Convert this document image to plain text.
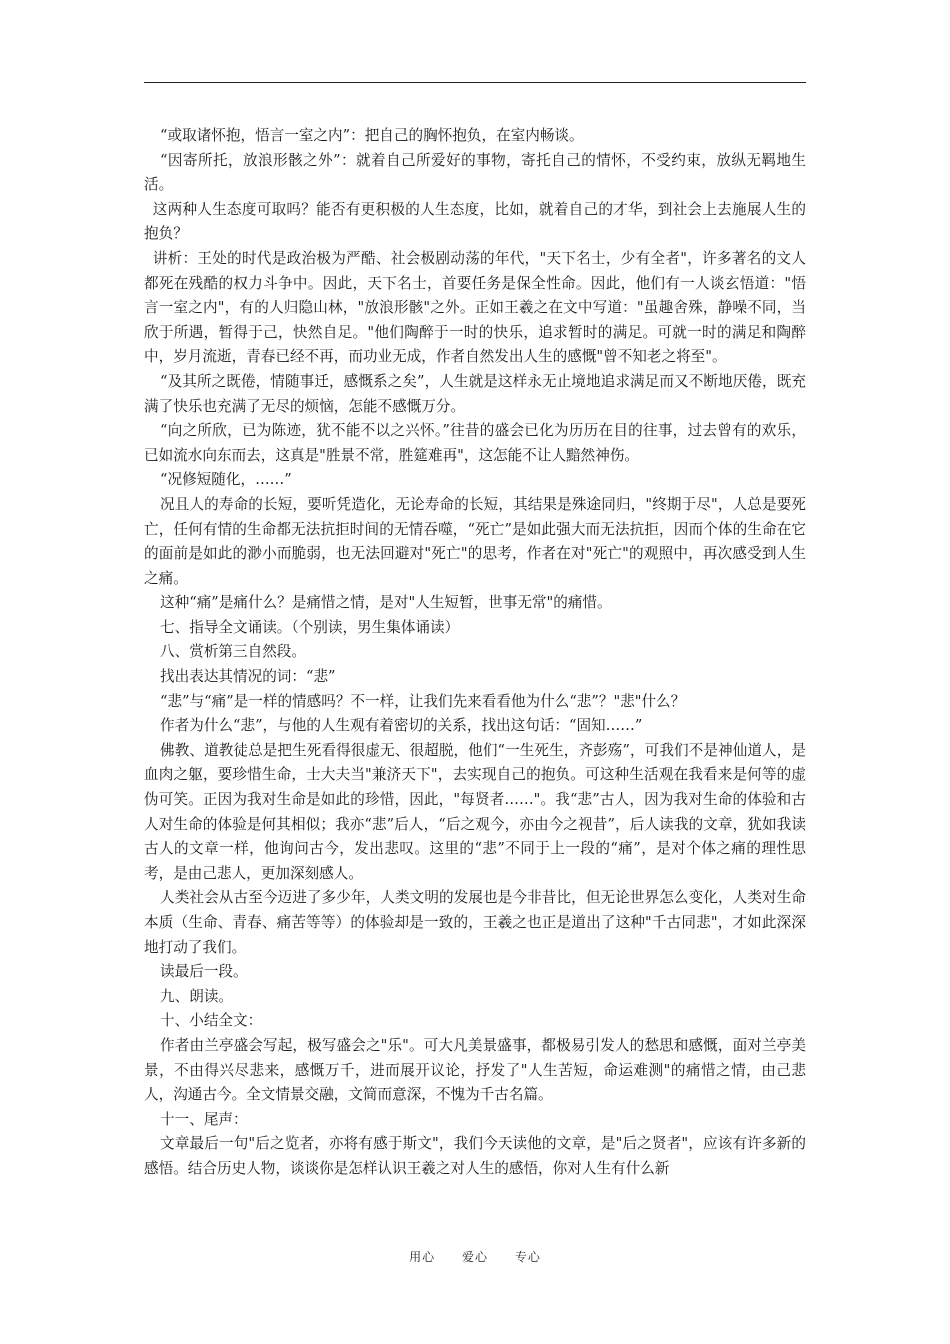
“或取诸怀抱，悟言一室之内”：把自己的胸怀抱负，在室内畅谈。

“因寄所托，放浪形骸之外”：就着自己所爱好的事物，寄托自己的情怀，不受约束，放纵无羁地生活。

这两种人生态度可取吗？能否有更积极的人生态度，比如，就着自己的才华，到社会上去施展人生的抱负？

讲析：王处的时代是政治极为严酷、社会极剧动荡的年代，"天下名士，少有全者"，许多著名的文人都死在残酷的权力斗争中。因此，天下名士，首要任务是保全性命。因此，他们有一人谈玄悟道："悟言一室之内"，有的人归隐山林，"放浪形骸"之外。正如王羲之在文中写道："虽趣舍殊，静噪不同，当欣于所遇，暂得于己，快然自足。"他们陶醉于一时的快乐，追求暂时的满足。可就一时的满足和陶醉中，岁月流逝，青春已经不再，而功业无成，作者自然发出人生的感慨"曾不知老之将至"。

“及其所之既倦，情随事迁，感慨系之矣”，人生就是这样永无止境地追求满足而又不断地厌倦，既充满了快乐也充满了无尽的烦恼，怎能不感慨万分。

“向之所欣，已为陈迹，犹不能不以之兴怀。”往昔的盛会已化为历历在目的往事，过去曾有的欢乐，已如流水向东而去，这真是"胜景不常，胜筵难再"，这怎能不让人黯然神伤。

“况修短随化，……”

况且人的寿命的长短，要听凭造化，无论寿命的长短，其结果是殊途同归，"终期于尽"，人总是要死亡，任何有情的生命都无法抗拒时间的无情吞噬，“死亡”是如此强大而无法抗拒，因而个体的生命在它的面前是如此的渺小而脆弱，也无法回避对"死亡"的思考，作者在对"死亡"的观照中，再次感受到人生之痛。

这种“痛”是痛什么？是痛惜之情，是对"人生短暂，世事无常"的痛惜。

七、指导全文诵读。（个别读，男生集体诵读）

八、赏析第三自然段。

找出表达其情况的词：“悲”

“悲”与“痛”是一样的情感吗？不一样，让我们先来看看他为什么“悲”？"悲"什么？

作者为什么“悲”，与他的人生观有着密切的关系，找出这句话：“固知……”

佛教、道教徒总是把生死看得很虚无、很超脱，他们“一生死生，齐彭殇”，可我们不是神仙道人，是血肉之躯，要珍惜生命，士大夫当"兼济天下"，去实现自己的抱负。可这种生活观在我看来是何等的虚伪可笑。正因为我对生命是如此的珍惜，因此，"每贤者……"。我“悲”古人，因为我对生命的体验和古人对生命的体验是何其相似；我亦“悲”后人，“后之观今，亦由今之视昔”，后人读我的文章，犹如我读古人的文章一样，他询问古今，发出悲叹。这里的“悲”不同于上一段的“痛”，是对个体之痛的理性思考，是由己悲人，更加深刻感人。

人类社会从古至今迈进了多少年，人类文明的发展也是今非昔比，但无论世界怎么变化，人类对生命本质（生命、青春、痛苦等等）的体验却是一致的，王羲之也正是道出了这种"千古同悲"，才如此深深地打动了我们。

读最后一段。

九、朗读。

十、小结全文：

作者由兰亭盛会写起，极写盛会之"乐"。可大凡美景盛事，都极易引发人的愁思和感慨，面对兰亭美景，不由得兴尽悲来，感慨万千，进而展开议论，抒发了"人生苦短，命运难测"的痛惜之情，由己悲人，沟通古今。全文情景交融，文简而意深，不愧为千古名篇。

十一、尾声：

文章最后一句"后之览者，亦将有感于斯文"，我们今天读他的文章，是"后之贤者"，应该有许多新的感悟。结合历史人物，谈谈你是怎样认识王羲之对人生的感悟，你对人生有什么新

用心 爱心 专心
